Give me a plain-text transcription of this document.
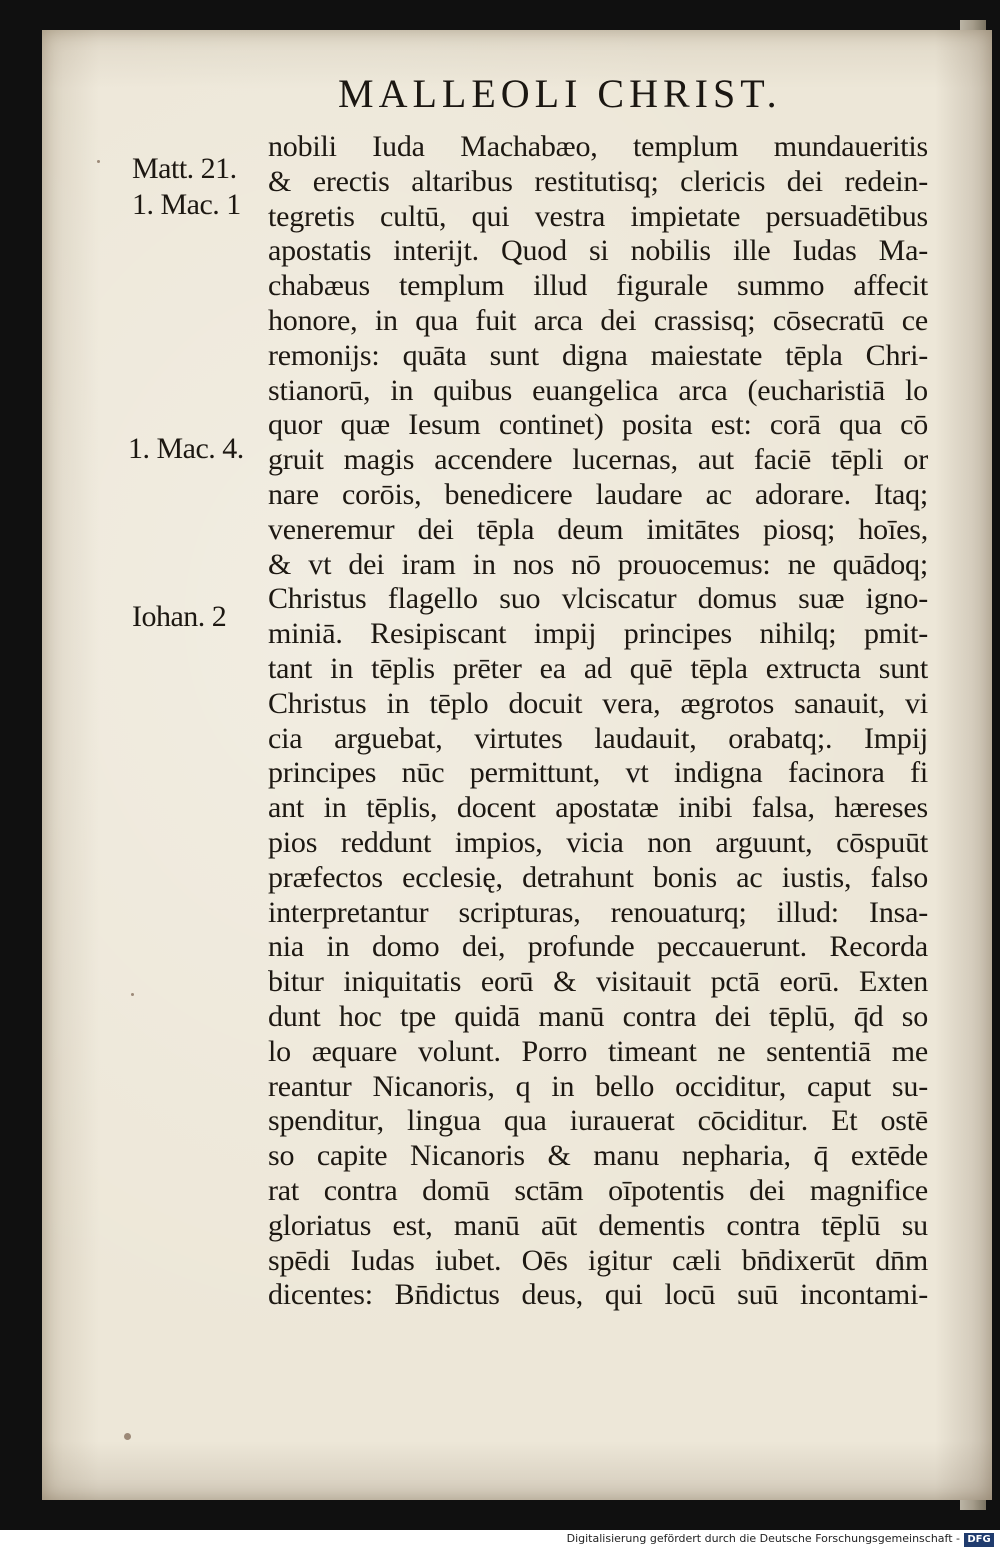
MALLEOLI CHRIST.
Matt. 21.
1. Mac. 1
1. Mac. 4.
Iohan. 2
nobili Iuda Machabæo, templum mundaueritis
& erectis altaribus restitutisq; clericis dei redein-
tegretis cultū, qui vestra impietate persuadētibus
apostatis interijt. Quod si nobilis ille Iudas Ma-
chabæus templum illud figurale summo affecit
honore, in qua fuit arca dei crassisq; cōsecratū ce
remonijs: quāta sunt digna maiestate tēpla Chri-
stianorū, in quibus euangelica arca (eucharistiā lo
quor quæ Iesum continet) posita est: corā qua cō
gruit magis accendere lucernas, aut faciē tēpli or
nare corōis, benedicere laudare ac adorare. Itaq;
veneremur dei tēpla deum imitātes piosq; hoīes,
& vt dei iram in nos nō prouocemus: ne quādoq;
Christus flagello suo vlciscatur domus suæ igno-
miniā. Resipiscant impij principes nihilq; pmit-
tant in tēplis prēter ea ad quē tēpla extructa sunt
Christus in tēplo docuit vera, ægrotos sanauit, vi
cia arguebat, virtutes laudauit, orabatq;. Impij
principes nūc permittunt, vt indigna facinora fi
ant in tēplis, docent apostatæ inibi falsa, hæreses
pios reddunt impios, vicia non arguunt, cōspuūt
præfectos ecclesię, detrahunt bonis ac iustis, falso
interpretantur scripturas, renouaturq; illud: Insa-
nia in domo dei, profunde peccauerunt. Recorda
bitur iniquitatis eorū & visitauit pctā eorū. Exten
dunt hoc tpe quidā manū contra dei tēplū, q̄d so
lo æquare volunt. Porro timeant ne sententiā me
reantur Nicanoris, q in bello occiditur, caput su-
spenditur, lingua qua iurauerat cōciditur. Et ostē
so capite Nicanoris & manu nepharia, q̄ extēde
rat contra domū sctām oīpotentis dei magnifice
gloriatus est, manū aūt dementis contra tēplū su
spēdi Iudas iubet. Oēs igitur cæli bn̄dixerūt dn̄m
dicentes: Bn̄dictus deus, qui locū suū incontami-
Digitalisierung gefördert durch die Deutsche Forschungsgemeinschaft - DFG
